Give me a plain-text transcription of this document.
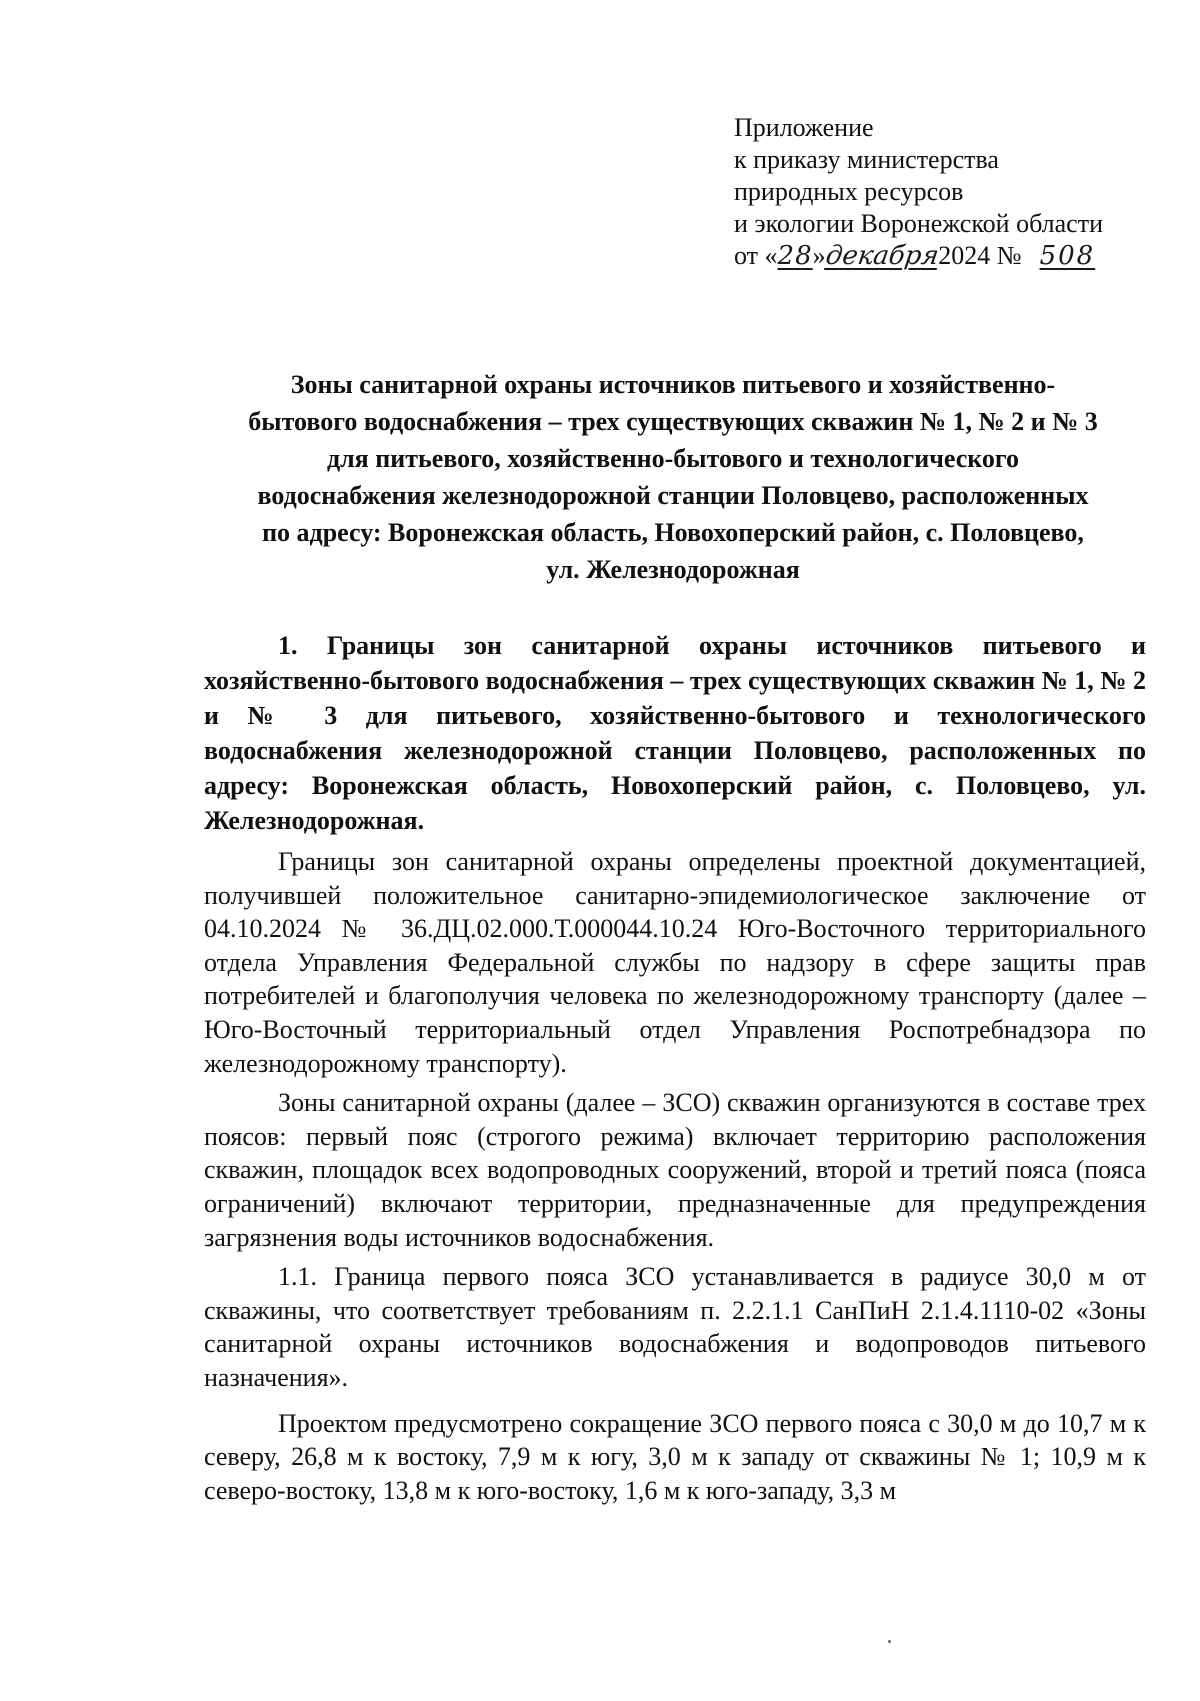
Приложение
к приказу министерства
природных ресурсов
и экологии Воронежской области
от «28»декабря2024 № 508
Зоны санитарной охраны источников питьевого и хозяйственно-
бытового водоснабжения – трех существующих скважин № 1, № 2 и № 3
для питьевого, хозяйственно-бытового и технологического
водоснабжения железнодорожной станции Половцево, расположенных
по адресу: Воронежская область, Новохоперский район, с. Половцево,
ул. Железнодорожная

1. Границы зон санитарной охраны источников питьевого и хозяйственно-бытового водоснабжения – трех существующих скважин № 1, № 2 и № 3 для питьевого, хозяйственно-бытового и технологического водоснабжения железнодорожной станции Половцево, расположенных по адресу: Воронежская область, Новохоперский район, с. Половцево, ул. Железнодорожная.

Границы зон санитарной охраны определены проектной документацией, получившей положительное санитарно-эпидемиологическое заключение от 04.10.2024 № 36.ДЦ.02.000.Т.000044.10.24 Юго-Восточного территориального отдела Управления Федеральной службы по надзору в сфере защиты прав потребителей и благополучия человека по железнодорожному транспорту (далее – Юго-Восточный территориальный отдел Управления Роспотребнадзора по железнодорожному транспорту).

Зоны санитарной охраны (далее – ЗСО) скважин организуются в составе трех поясов: первый пояс (строгого режима) включает территорию расположения скважин, площадок всех водопроводных сооружений, второй и третий пояса (пояса ограничений) включают территории, предназначенные для предупреждения загрязнения воды источников водоснабжения.

1.1. Граница первого пояса ЗСО устанавливается в радиусе 30,0 м от скважины, что соответствует требованиям п. 2.2.1.1 СанПиН 2.1.4.1110-02 «Зоны санитарной охраны источников водоснабжения и водопроводов питьевого назначения».

Проектом предусмотрено сокращение ЗСО первого пояса с 30,0 м до 10,7 м к северу, 26,8 м к востоку, 7,9 м к югу, 3,0 м к западу от скважины № 1; 10,9 м к северо-востоку, 13,8 м к юго-востоку, 1,6 м к юго-западу, 3,3 м
